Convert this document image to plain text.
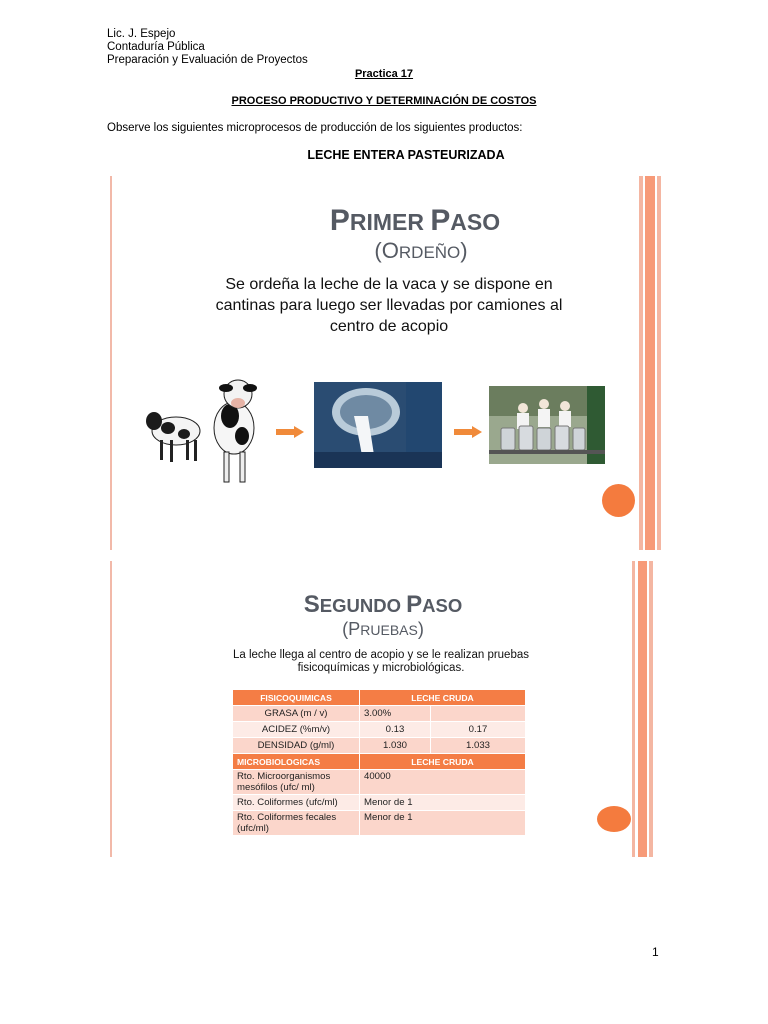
Lic. J. Espejo
Contaduría Pública
Preparación y Evaluación de Proyectos
Practica 17
PROCESO PRODUCTIVO Y DETERMINACIÓN DE COSTOS
Observe los siguientes microprocesos de producción de los siguientes productos:
LECHE ENTERA PASTEURIZADA
PRIMER PASO
(ORDEÑO)
Se ordeña la leche de la vaca y se dispone en
cantinas para luego ser llevadas por camiones al
centro de acopio
SEGUNDO PASO
(PRUEBAS)
La leche llega al centro de acopio y se le realizan pruebas
fisicoquímicas y microbiológicas.
FISICOQUIMICAS	LECHE CRUDA	
GRASA (m / v)	3.00%	
ACIDEZ (%m/v)	0.13	0.17
DENSIDAD (g/ml)	1.030	1.033
MICROBIOLOGICAS	LECHE CRUDA	
Rto. Microorganismos mesófilos (ufc/ ml)	40000	
Rto. Coliformes (ufc/ml)	Menor de 1	
Rto. Coliformes fecales (ufc/ml)	Menor de 1	
1
